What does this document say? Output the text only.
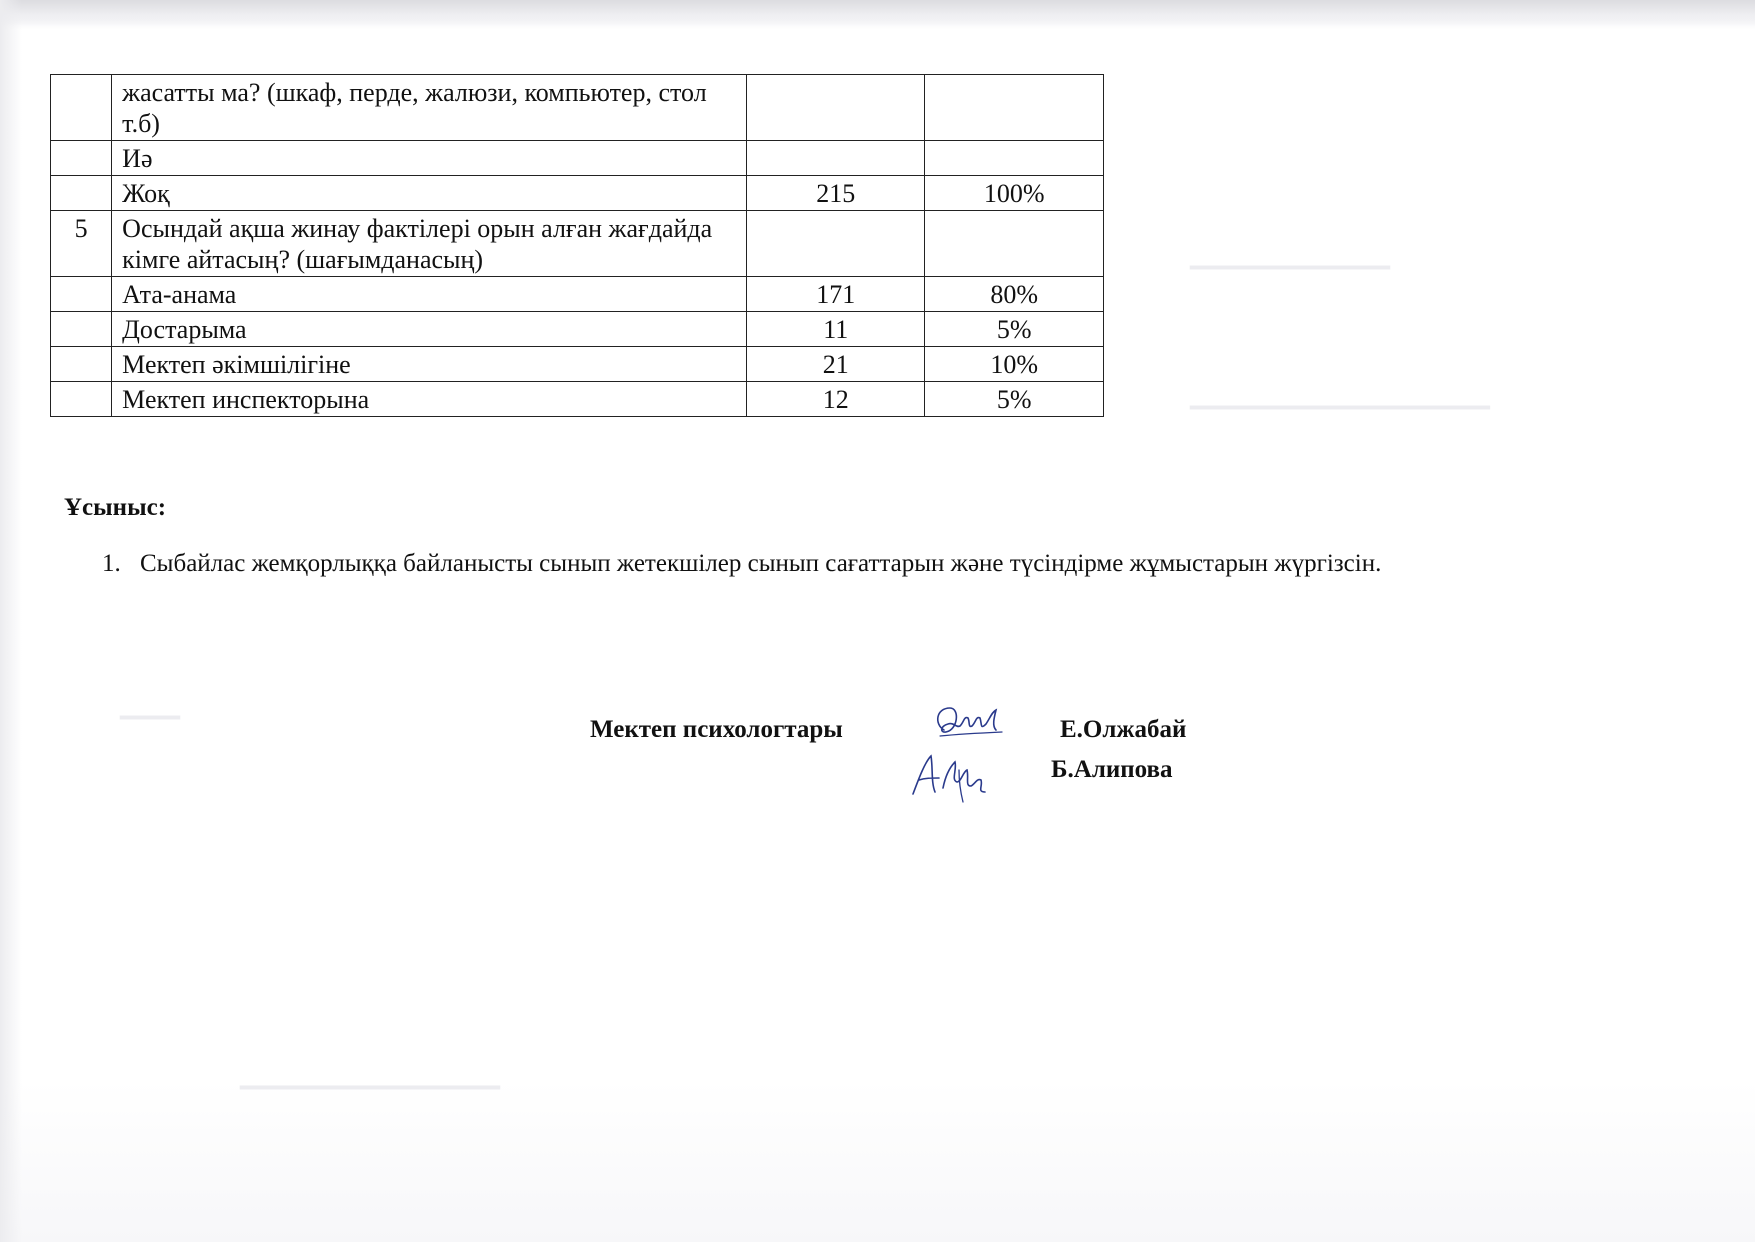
▁▁▁▁▁▁▁▁▁▁
▁▁▁▁▁▁▁▁▁▁▁▁▁▁▁
▁▁▁
▁▁▁▁▁▁▁▁▁▁▁▁▁
	жасатты ма? (шкаф, перде, жалюзи, компьютер, стол т.б)		
	Иә		
	Жоқ	215	100%
5	Осындай ақша жинау фактілері орын алған жағдайда кімге айтасың? (шағымданасың)		
	Ата-анама	171	80%
	Достарыма	11	5%
	Мектеп әкімшілігіне	21	10%
	Мектеп инспекторына	12	5%
Ұсыныс:
1. Сыбайлас жемқорлыққа байланысты сынып жетекшілер сынып сағаттарын және түсіндірме жұмыстарын жүргізсін.
Мектеп психологтары	Е.Олжабай
Б.Алипова
